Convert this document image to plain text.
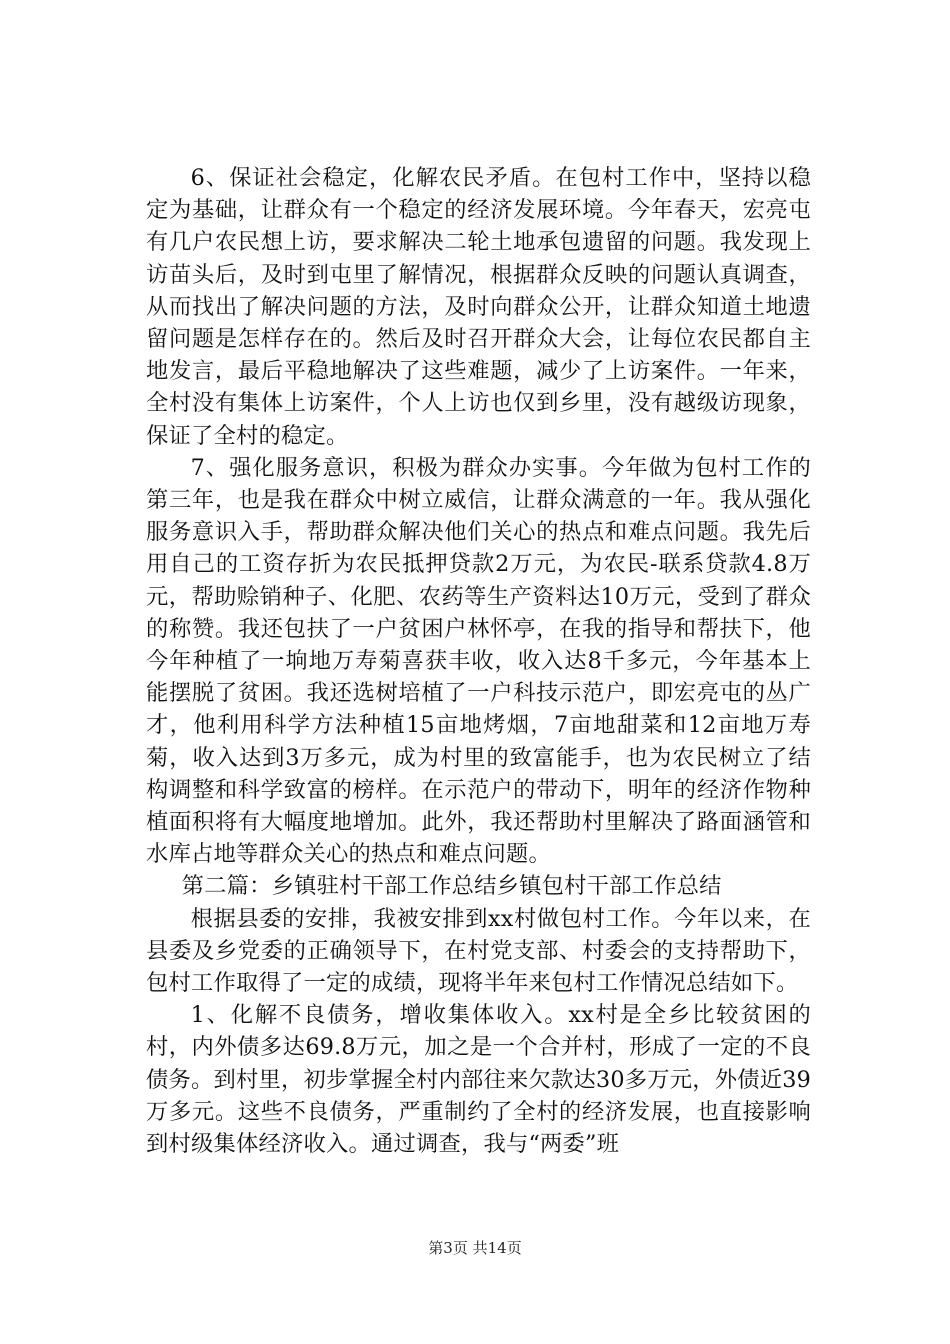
6、保证社会稳定，化解农民矛盾。在包村工作中，坚持以稳定为基础，让群众有一个稳定的经济发展环境。今年春天，宏亮屯有几户农民想上访，要求解决二轮土地承包遗留的问题。我发现上访苗头后，及时到屯里了解情况，根据群众反映的问题认真调查，从而找出了解决问题的方法，及时向群众公开，让群众知道土地遗留问题是怎样存在的。然后及时召开群众大会，让每位农民都自主地发言，最后平稳地解决了这些难题，减少了上访案件。一年来，全村没有集体上访案件，个人上访也仅到乡里，没有越级访现象，保证了全村的稳定。

7、强化服务意识，积极为群众办实事。今年做为包村工作的第三年，也是我在群众中树立威信，让群众满意的一年。我从强化服务意识入手，帮助群众解决他们关心的热点和难点问题。我先后用自己的工资存折为农民抵押贷款2万元，为农民-联系贷款4.8万元，帮助赊销种子、化肥、农药等生产资料达10万元，受到了群众的称赞。我还包扶了一户贫困户林怀亭，在我的指导和帮扶下，他今年种植了一垧地万寿菊喜获丰收，收入达8千多元，今年基本上能摆脱了贫困。我还选树培植了一户科技示范户，即宏亮屯的丛广才，他利用科学方法种植15亩地烤烟，7亩地甜菜和12亩地万寿菊，收入达到3万多元，成为村里的致富能手，也为农民树立了结构调整和科学致富的榜样。在示范户的带动下，明年的经济作物种植面积将有大幅度地增加。此外，我还帮助村里解决了路面涵管和水库占地等群众关心的热点和难点问题。

第二篇：乡镇驻村干部工作总结乡镇包村干部工作总结

根据县委的安排，我被安排到xx村做包村工作。今年以来，在县委及乡党委的正确领导下，在村党支部、村委会的支持帮助下，包村工作取得了一定的成绩，现将半年来包村工作情况总结如下。

1、化解不良债务，增收集体收入。xx村是全乡比较贫困的村，内外债多达69.8万元，加之是一个合并村，形成了一定的不良债务。到村里，初步掌握全村内部往来欠款达30多万元，外债近39万多元。这些不良债务，严重制约了全村的经济发展，也直接影响到村级集体经济收入。通过调查，我与“两委”班

第3页 共14页
